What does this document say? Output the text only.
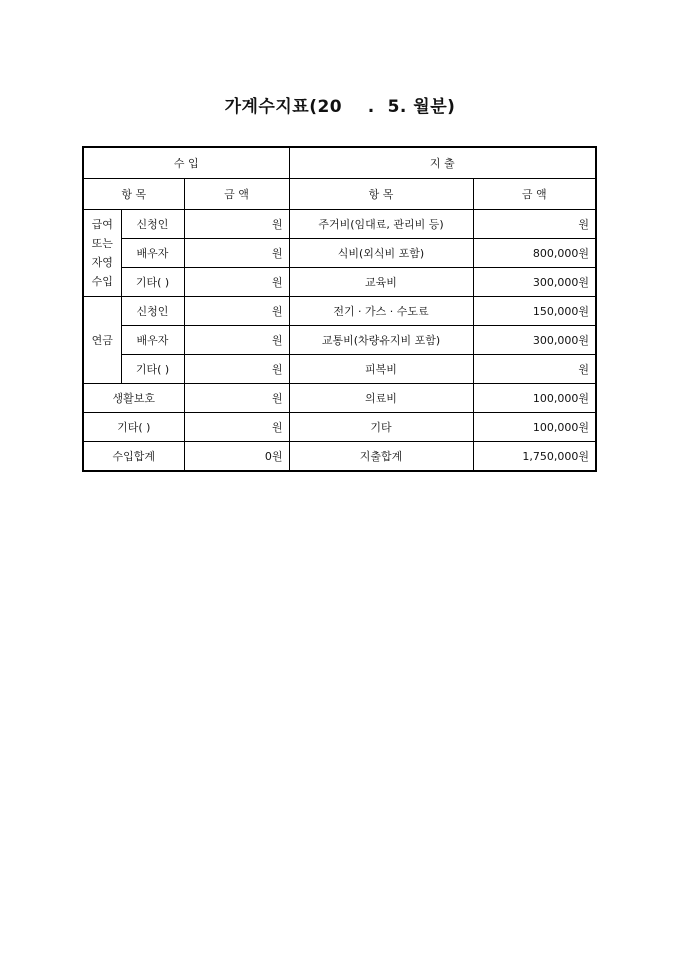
가계수지표(20    .  5. 월분)
수 입			지 출	
항 목		금 액	항 목	금 액

급여
또는
자영
수입	신청인	원	주거비(임대료, 관리비 등)	원
	배우자	원	식비(외식비 포함)	800,000원
	기타( )	원	교육비	300,000원
연금	신청인	원	전기 · 가스 · 수도료	150,000원
	배우자	원	교통비(차량유지비 포함)	300,000원
	기타( )	원	피복비	원
생활보호		원	의료비	100,000원
기타( )		원	기타	100,000원
수입합계		0원	지출합계	1,750,000원
